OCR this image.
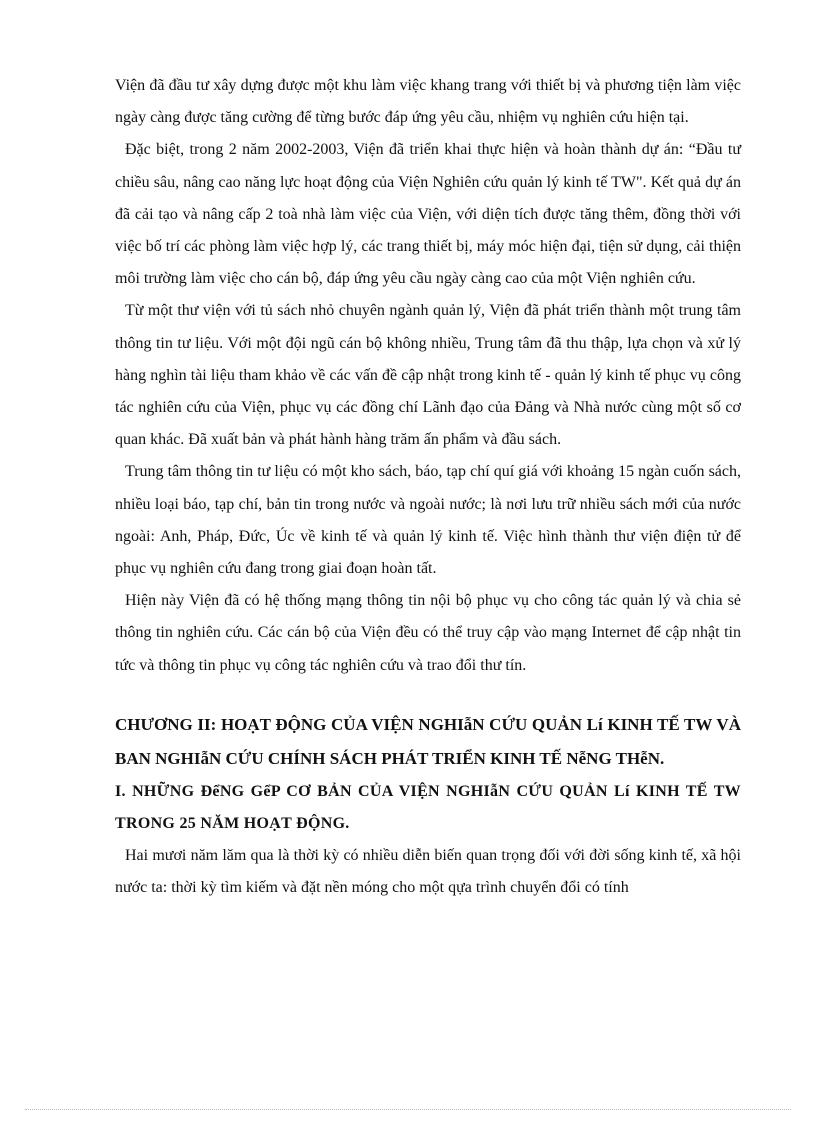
Viện đã đầu tư xây dựng được một khu làm việc khang trang với thiết bị và phương tiện làm việc ngày càng được tăng cường để từng bước đáp ứng yêu cầu, nhiệm vụ nghiên cứu hiện tại.

Đặc biệt, trong 2 năm 2002-2003, Viện đã triển khai thực hiện và hoàn thành dự án: “Đầu tư chiều sâu, nâng cao năng lực hoạt động của Viện Nghiên cứu quản lý kinh tế TW". Kết quả dự án đã cải tạo và nâng cấp 2 toà nhà làm việc của Viện, với diện tích được tăng thêm, đồng thời với việc bố trí các phòng làm việc hợp lý, các trang thiết bị, máy móc hiện đại, tiện sử dụng, cải thiện môi trường làm việc cho cán bộ, đáp ứng yêu cầu ngày càng cao của một Viện nghiên cứu.

Từ một thư viện với tủ sách nhỏ chuyên ngành quản lý, Viện đã phát triển thành một trung tâm thông tin tư liệu. Với một đội ngũ cán bộ không nhiều, Trung tâm đã thu thập, lựa chọn và xử lý hàng nghìn tài liệu tham khảo về các vấn đề cập nhật trong kinh tế - quản lý kinh tế phục vụ công tác nghiên cứu của Viện, phục vụ các đồng chí Lãnh đạo của Đảng và Nhà nước cùng một số cơ quan khác. Đã xuất bản và phát hành hàng trăm ấn phẩm và đầu sách.

Trung tâm thông tin tư liệu có một kho sách, báo, tạp chí quí giá với khoảng 15 ngàn cuốn sách, nhiều loại báo, tạp chí, bản tin trong nước và ngoài nước; là nơi lưu trữ nhiều sách mới của nước ngoài: Anh, Pháp, Đức, Úc về kinh tế và quản lý kinh tế. Việc hình thành thư viện điện tử để phục vụ nghiên cứu đang trong giai đoạn hoàn tất.

Hiện này Viện đã có hệ thống mạng thông tin nội bộ phục vụ cho công tác quản lý và chia sẻ thông tin nghiên cứu. Các cán bộ của Viện đều có thể truy cập vào mạng Internet để cập nhật tin tức và thông tin phục vụ công tác nghiên cứu và trao đổi thư tín.

CHƯƠNG II: HOẠT ĐỘNG CỦA VIỆN NGHIẫN CỨU QUẢN Lí KINH TẾ TW VÀ BAN NGHIẫN CỨU CHÍNH SÁCH PHÁT TRIỂN KINH TẾ NễNG THễN.
I. NHỮNG ĐểNG GểP CƠ BẢN CỦA VIỆN NGHIẫN CỨU QUẢN Lí KINH TẾ TW TRONG 25 NĂM HOẠT ĐỘNG.

Hai mươi năm lăm qua là thời kỳ có nhiều diễn biến quan trọng đối với đời sống kinh tế, xã hội nước ta: thời kỳ tìm kiếm và đặt nền móng cho một qựa trình chuyển đổi có tính
